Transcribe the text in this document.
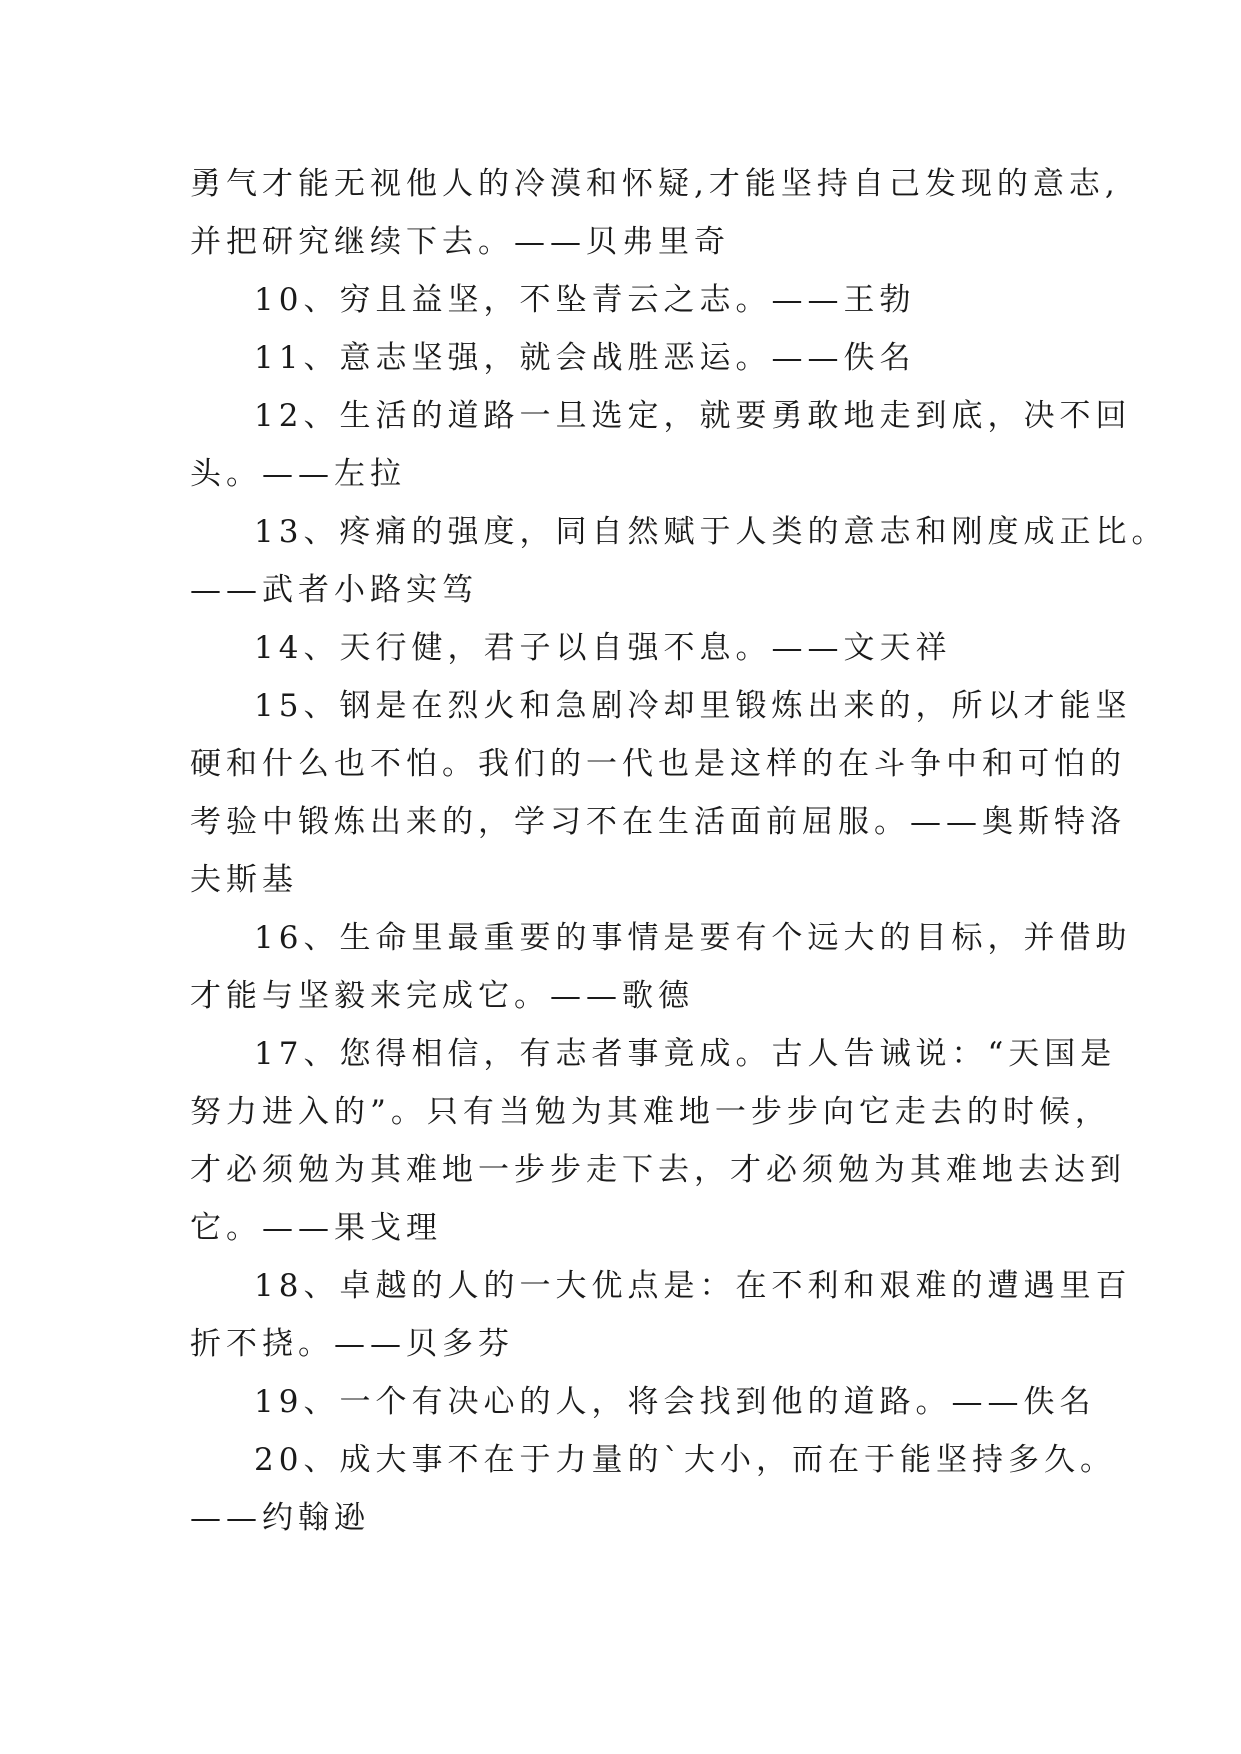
勇气才能无视他人的冷漠和怀疑,才能坚持自己发现的意志,
并把研究继续下去。——贝弗里奇
10、穷且益坚，不坠青云之志。——王勃
11、意志坚强，就会战胜恶运。——佚名
12、生活的道路一旦选定，就要勇敢地走到底，决不回
头。——左拉
13、疼痛的强度，同自然赋于人类的意志和刚度成正比。
——武者小路实笃
14、天行健，君子以自强不息。——文天祥
15、钢是在烈火和急剧冷却里锻炼出来的，所以才能坚
硬和什么也不怕。我们的一代也是这样的在斗争中和可怕的
考验中锻炼出来的，学习不在生活面前屈服。——奥斯特洛
夫斯基
16、生命里最重要的事情是要有个远大的目标，并借助
才能与坚毅来完成它。——歌德
17、您得相信，有志者事竟成。古人告诫说：“天国是
努力进入的”。只有当勉为其难地一步步向它走去的时候，
才必须勉为其难地一步步走下去，才必须勉为其难地去达到
它。——果戈理
18、卓越的人的一大优点是：在不利和艰难的遭遇里百
折不挠。——贝多芬
19、一个有决心的人，将会找到他的道路。——佚名
20、成大事不在于力量的`大小，而在于能坚持多久。
——约翰逊
